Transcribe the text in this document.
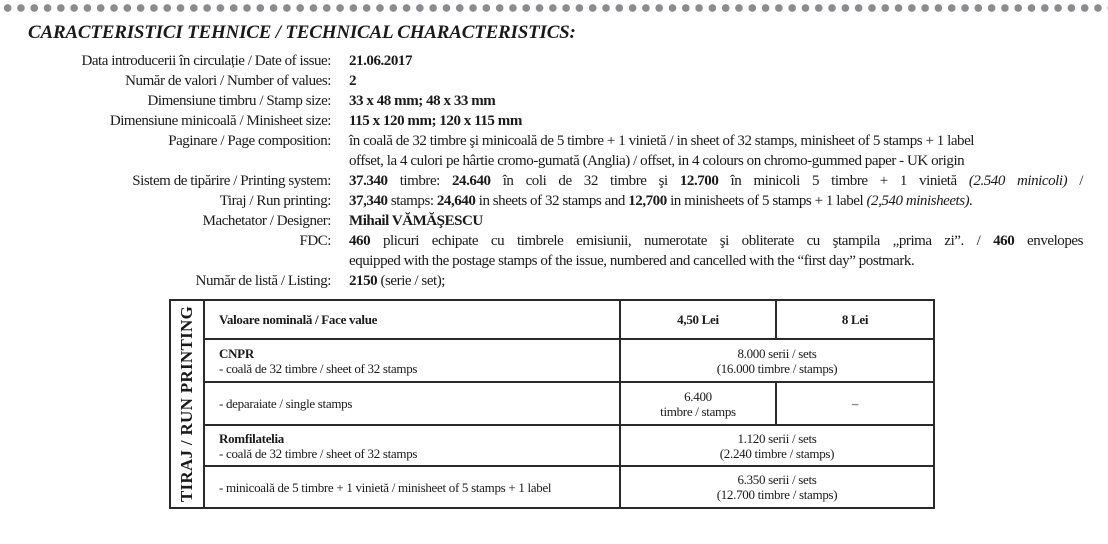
CARACTERISTICI TEHNICE / TECHNICAL CHARACTERISTICS:
Data introducerii în circulație / Date of issue: 21.06.2017
Număr de valori / Number of values: 2
Dimensiune timbru / Stamp size: 33 x 48 mm; 48 x 33 mm
Dimensiune minicoală / Minisheet size: 115 x 120 mm; 120 x 115 mm
Paginare / Page composition: în coală de 32 timbre şi minicoală de 5 timbre + 1 vinietă / in sheet of 32 stamps, minisheet of 5 stamps + 1 label
offset, la 4 culori pe hârtie cromo-gumată (Anglia) / offset, in 4 colours on chromo-gummed paper - UK origin
Sistem de tipărire / Printing system: 37.340 timbre: 24.640 în coli de 32 timbre şi 12.700 în minicoli 5 timbre + 1 vinietă (2.540 minicoli) /
Tiraj / Run printing: 37,340 stamps: 24,640 in sheets of 32 stamps and 12,700 in minisheets of 5 stamps + 1 label (2,540 minisheets).
Machetator / Designer: Mihail VĂMĂŞESCU
FDC: 460 plicuri echipate cu timbrele emisiunii, numerotate şi obliterate cu ştampila „prima zi”. / 460 envelopes
equipped with the postage stamps of the issue, numbered and cancelled with the “first day” postmark.
Număr de listă / Listing: 2150 (serie / set);
TIRAJ / RUN PRINTING	Valoare nominală / Face value	4,50 Lei	8 Lei

	CNPR
- coală de 32 timbre / sheet of 32 stamps	8.000 serii / sets
(16.000 timbre / stamps)	

	- deparaiate / single stamps	6.400
timbre / stamps	–

	Romfilatelia
- coală de 32 timbre / sheet of 32 stamps	1.120 serii / sets
(2.240 timbre / stamps)	

	- minicoală de 5 timbre + 1 vinietă / minisheet of 5 stamps + 1 label	6.350 serii / sets
(12.700 timbre / stamps)	
